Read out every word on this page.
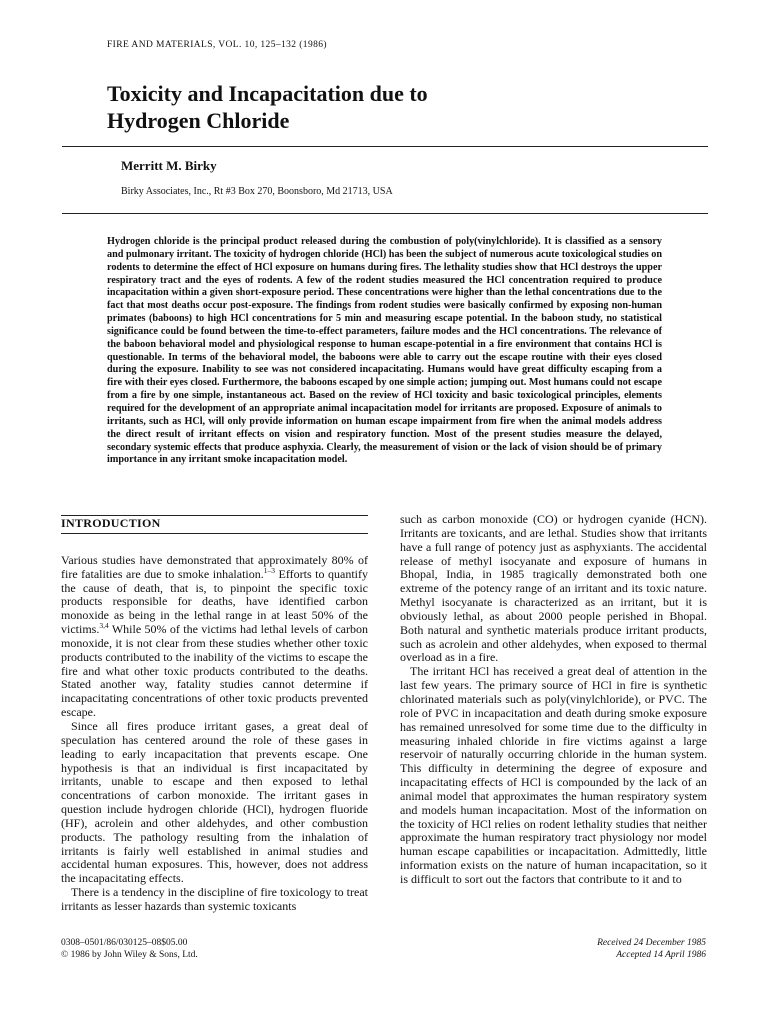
FIRE AND MATERIALS, VOL. 10, 125–132 (1986)
Toxicity and Incapacitation due to
Hydrogen Chloride
Merritt M. Birky
Birky Associates, Inc., Rt #3 Box 270, Boonsboro, Md 21713, USA

Hydrogen chloride is the principal product released during the combustion of poly(vinylchloride). It is classified as a sensory and pulmonary irritant. The toxicity of hydrogen chloride (HCl) has been the subject of numerous acute toxicological studies on rodents to determine the effect of HCl exposure on humans during fires. The lethality studies show that HCl destroys the upper respiratory tract and the eyes of rodents. A few of the rodent studies measured the HCl concentration required to produce incapacitation within a given short-exposure period. These concentrations were higher than the lethal concentrations due to the fact that most deaths occur post-exposure. The findings from rodent studies were basically confirmed by exposing non-human primates (baboons) to high HCl concentrations for 5 min and measuring escape potential. In the baboon study, no statistical significance could be found between the time-to-effect parameters, failure modes and the HCl concentrations. The relevance of the baboon behavioral model and physiological response to human escape-potential in a fire environment that contains HCl is questionable. In terms of the behavioral model, the baboons were able to carry out the escape routine with their eyes closed during the exposure. Inability to see was not considered incapacitating. Humans would have great difficulty escaping from a fire with their eyes closed. Furthermore, the baboons escaped by one simple action; jumping out. Most humans could not escape from a fire by one simple, instantaneous act. Based on the review of HCl toxicity and basic toxicological principles, elements required for the development of an appropriate animal incapacitation model for irritants are proposed. Exposure of animals to irritants, such as HCl, will only provide information on human escape impairment from fire when the animal models address the direct result of irritant effects on vision and respiratory function. Most of the present studies measure the delayed, secondary systemic effects that produce asphyxia. Clearly, the measurement of vision or the lack of vision should be of primary importance in any irritant smoke incapacitation model.

INTRODUCTION

Various studies have demonstrated that approximately 80% of fire fatalities are due to smoke inhalation.$^{1-3}$ Efforts to quantify the cause of death, that is, to pinpoint the specific toxic products responsible for deaths, have identified carbon monoxide as being in the lethal range in at least 50% of the victims.$^{3,4}$ While 50% of the victims had lethal levels of carbon monoxide, it is not clear from these studies whether other toxic products contributed to the inability of the victims to escape the fire and what other toxic products contributed to the deaths. Stated another way, fatality studies cannot determine if incapacitating concentrations of other toxic products prevented escape.

Since all fires produce irritant gases, a great deal of speculation has centered around the role of these gases in leading to early incapacitation that prevents escape. One hypothesis is that an individual is first incapacitated by irritants, unable to escape and then exposed to lethal concentrations of carbon monoxide. The irritant gases in question include hydrogen chloride (HCl), hydrogen fluoride (HF), acrolein and other aldehydes, and other combustion products. The pathology resulting from the inhalation of irritants is fairly well established in animal studies and accidental human exposures. This, however, does not address the incapacitating effects.

There is a tendency in the discipline of fire toxicology to treat irritants as lesser hazards than systemic toxicants

such as carbon monoxide (CO) or hydrogen cyanide (HCN). Irritants are toxicants, and are lethal. Studies show that irritants have a full range of potency just as asphyxiants. The accidental release of methyl isocyanate and exposure of humans in Bhopal, India, in 1985 tragically demonstrated both one extreme of the potency range of an irritant and its toxic nature. Methyl isocyanate is characterized as an irritant, but it is obviously lethal, as about 2000 people perished in Bhopal. Both natural and synthetic materials produce irritant products, such as acrolein and other aldehydes, when exposed to thermal overload as in a fire.

The irritant HCl has received a great deal of attention in the last few years. The primary source of HCl in fire is synthetic chlorinated materials such as poly(vinylchloride), or PVC. The role of PVC in incapacitation and death during smoke exposure has remained unresolved for some time due to the difficulty in measuring inhaled chloride in fire victims against a large reservoir of naturally occurring chloride in the human system. This difficulty in determining the degree of exposure and incapacitating effects of HCl is compounded by the lack of an animal model that approximates the human respiratory system and models human incapacitation. Most of the information on the toxicity of HCl relies on rodent lethality studies that neither approximate the human respiratory tract physiology nor model human escape capabilities or incapacitation. Admittedly, little information exists on the nature of human incapacitation, so it is difficult to sort out the factors that contribute to it and to

0308–0501/86/030125–08$05.00
© 1986 by John Wiley & Sons, Ltd.
Received 24 December 1985
Accepted 14 April 1986
